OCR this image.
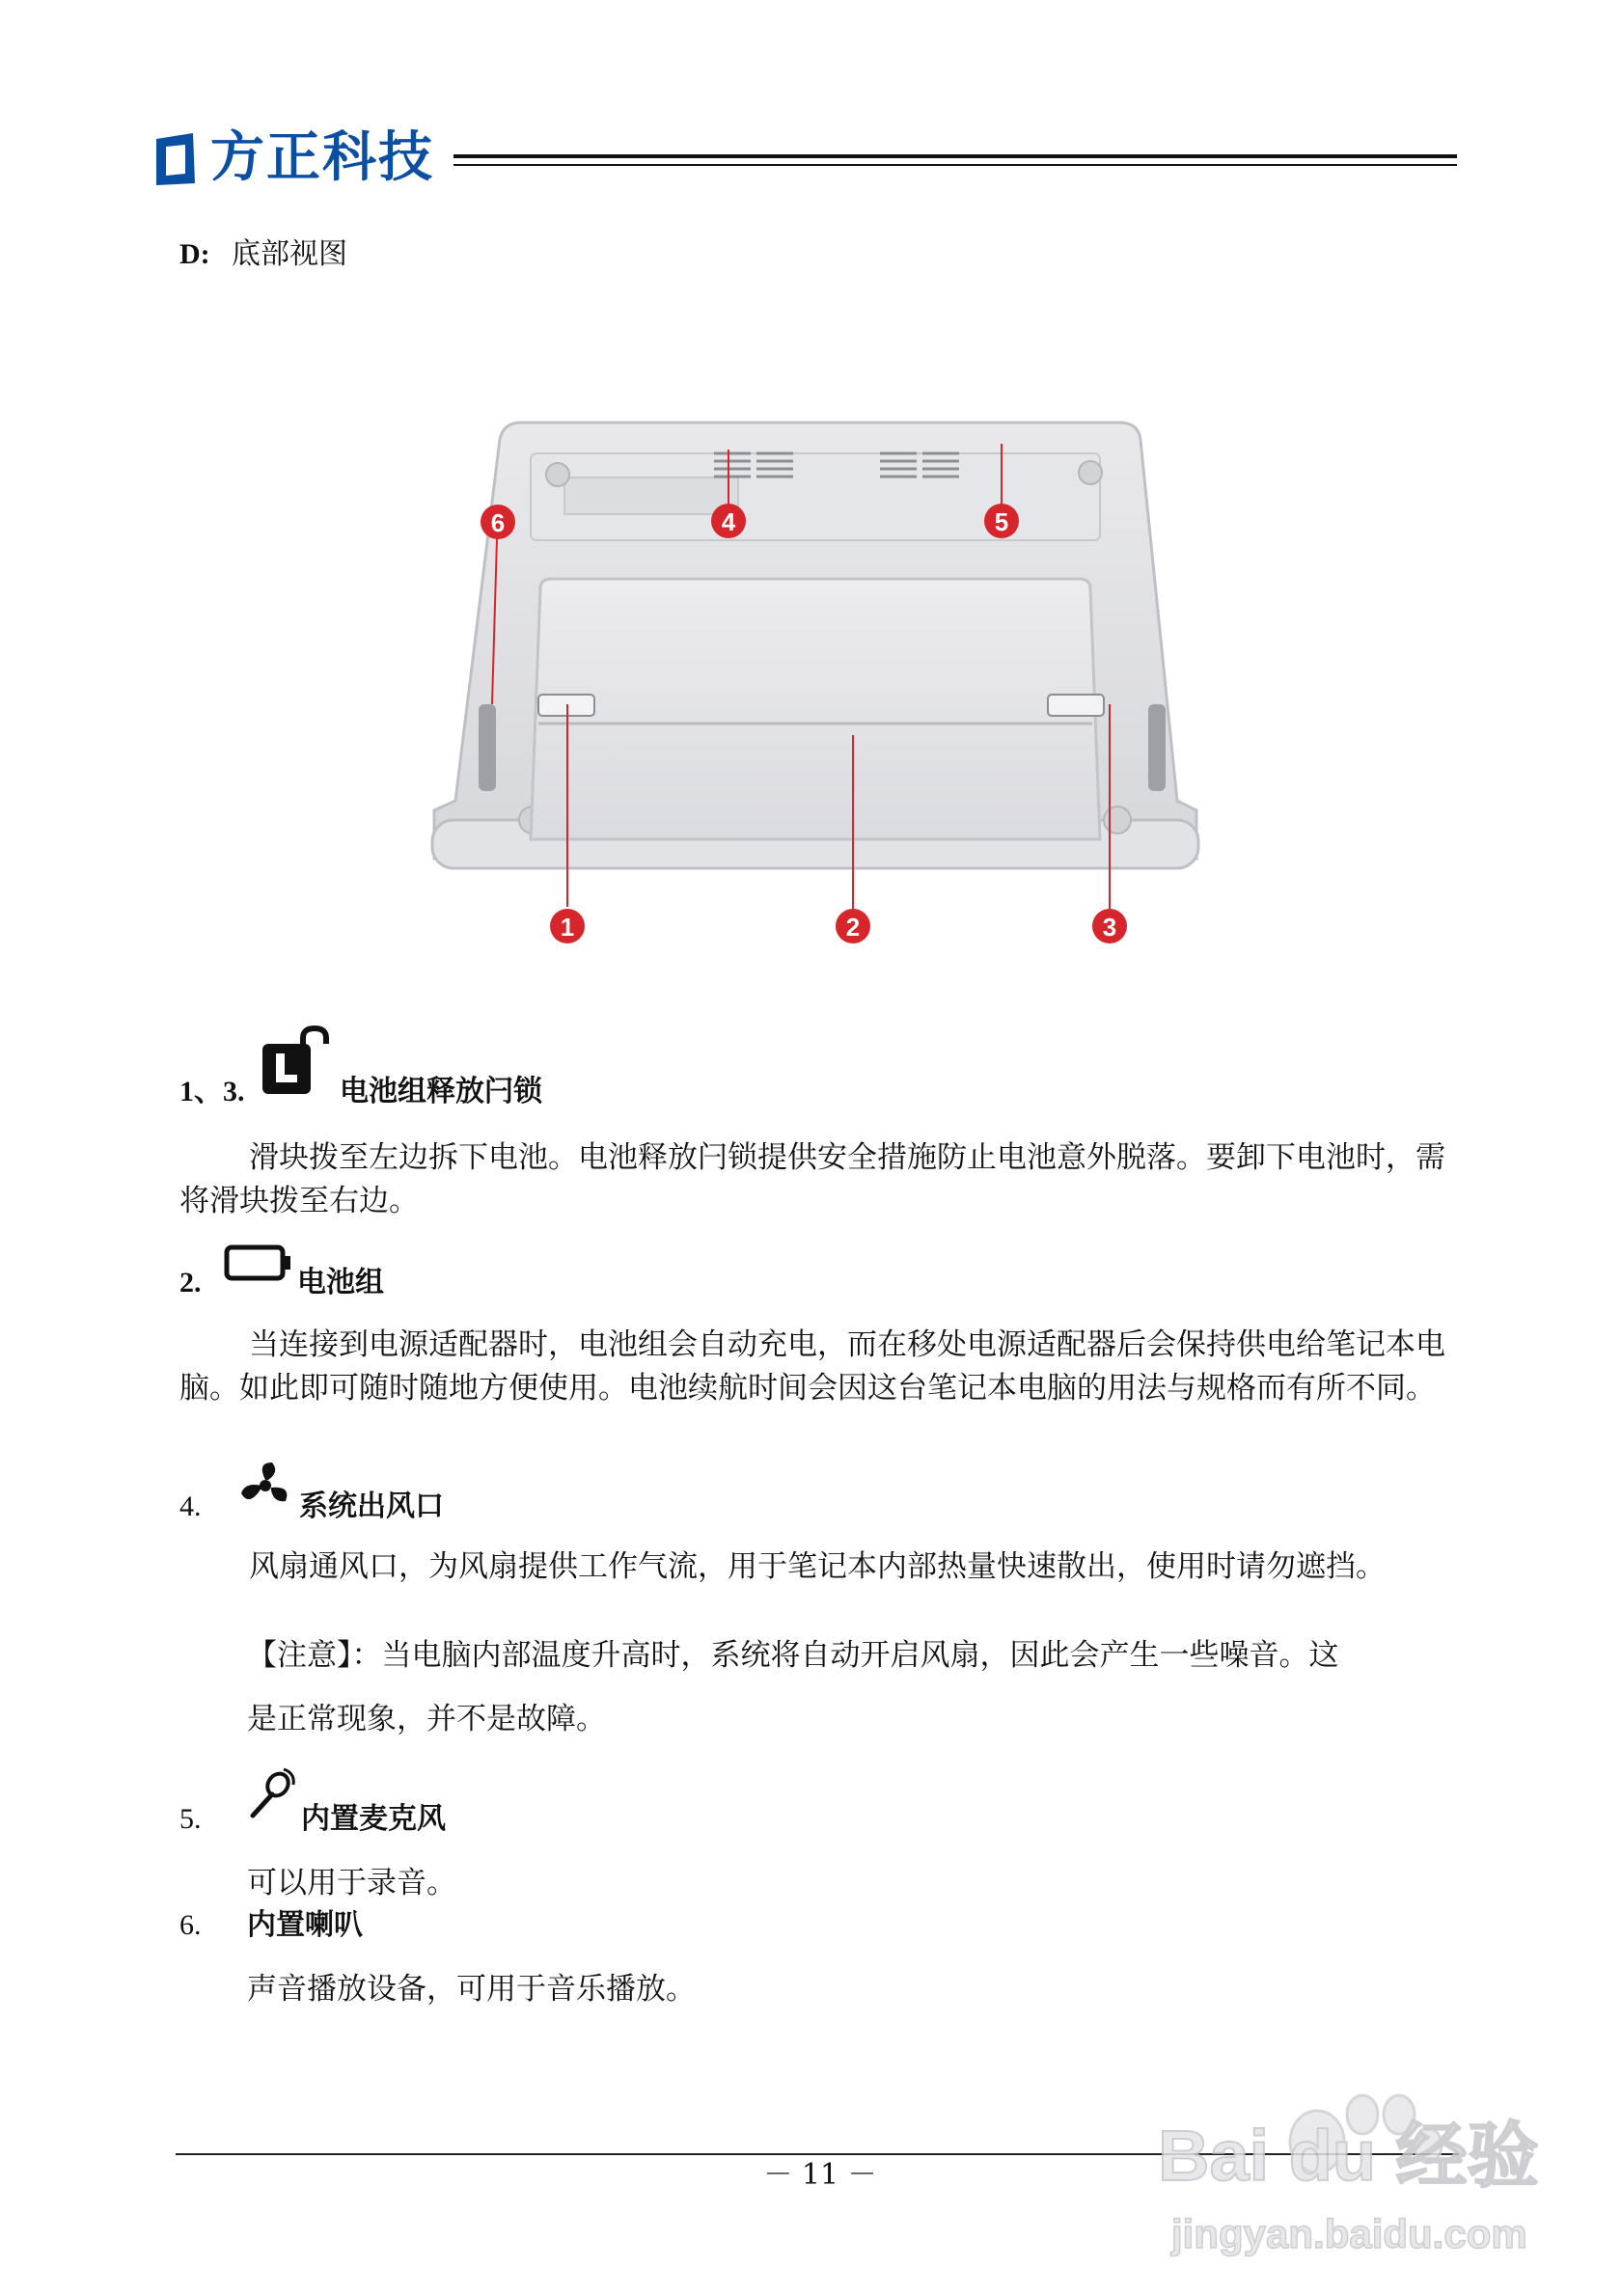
方正科技
D: 底部视图
6	4	5
1	2	3
1、3.	电池组释放闩锁
滑块拨至左边拆下电池。电池释放闩锁提供安全措施防止电池意外脱落。要卸下电池时，需将滑块拨至右边。
2.	电池组
当连接到电源适配器时，电池组会自动充电，而在移处电源适配器后会保持供电给笔记本电脑。如此即可随时随地方便使用。电池续航时间会因这台笔记本电脑的用法与规格而有所不同。
4.	系统出风口
风扇通风口，为风扇提供工作气流，用于笔记本内部热量快速散出，使用时请勿遮挡。
【注意】：当电脑内部温度升高时，系统将自动开启风扇，因此会产生一些噪音。这
是正常现象，并不是故障。
5.	内置麦克风
可以用于录音。
6. 内置喇叭
声音播放设备，可用于音乐播放。
－ 11 －	Bai du 经验
jingyan.baidu.com
